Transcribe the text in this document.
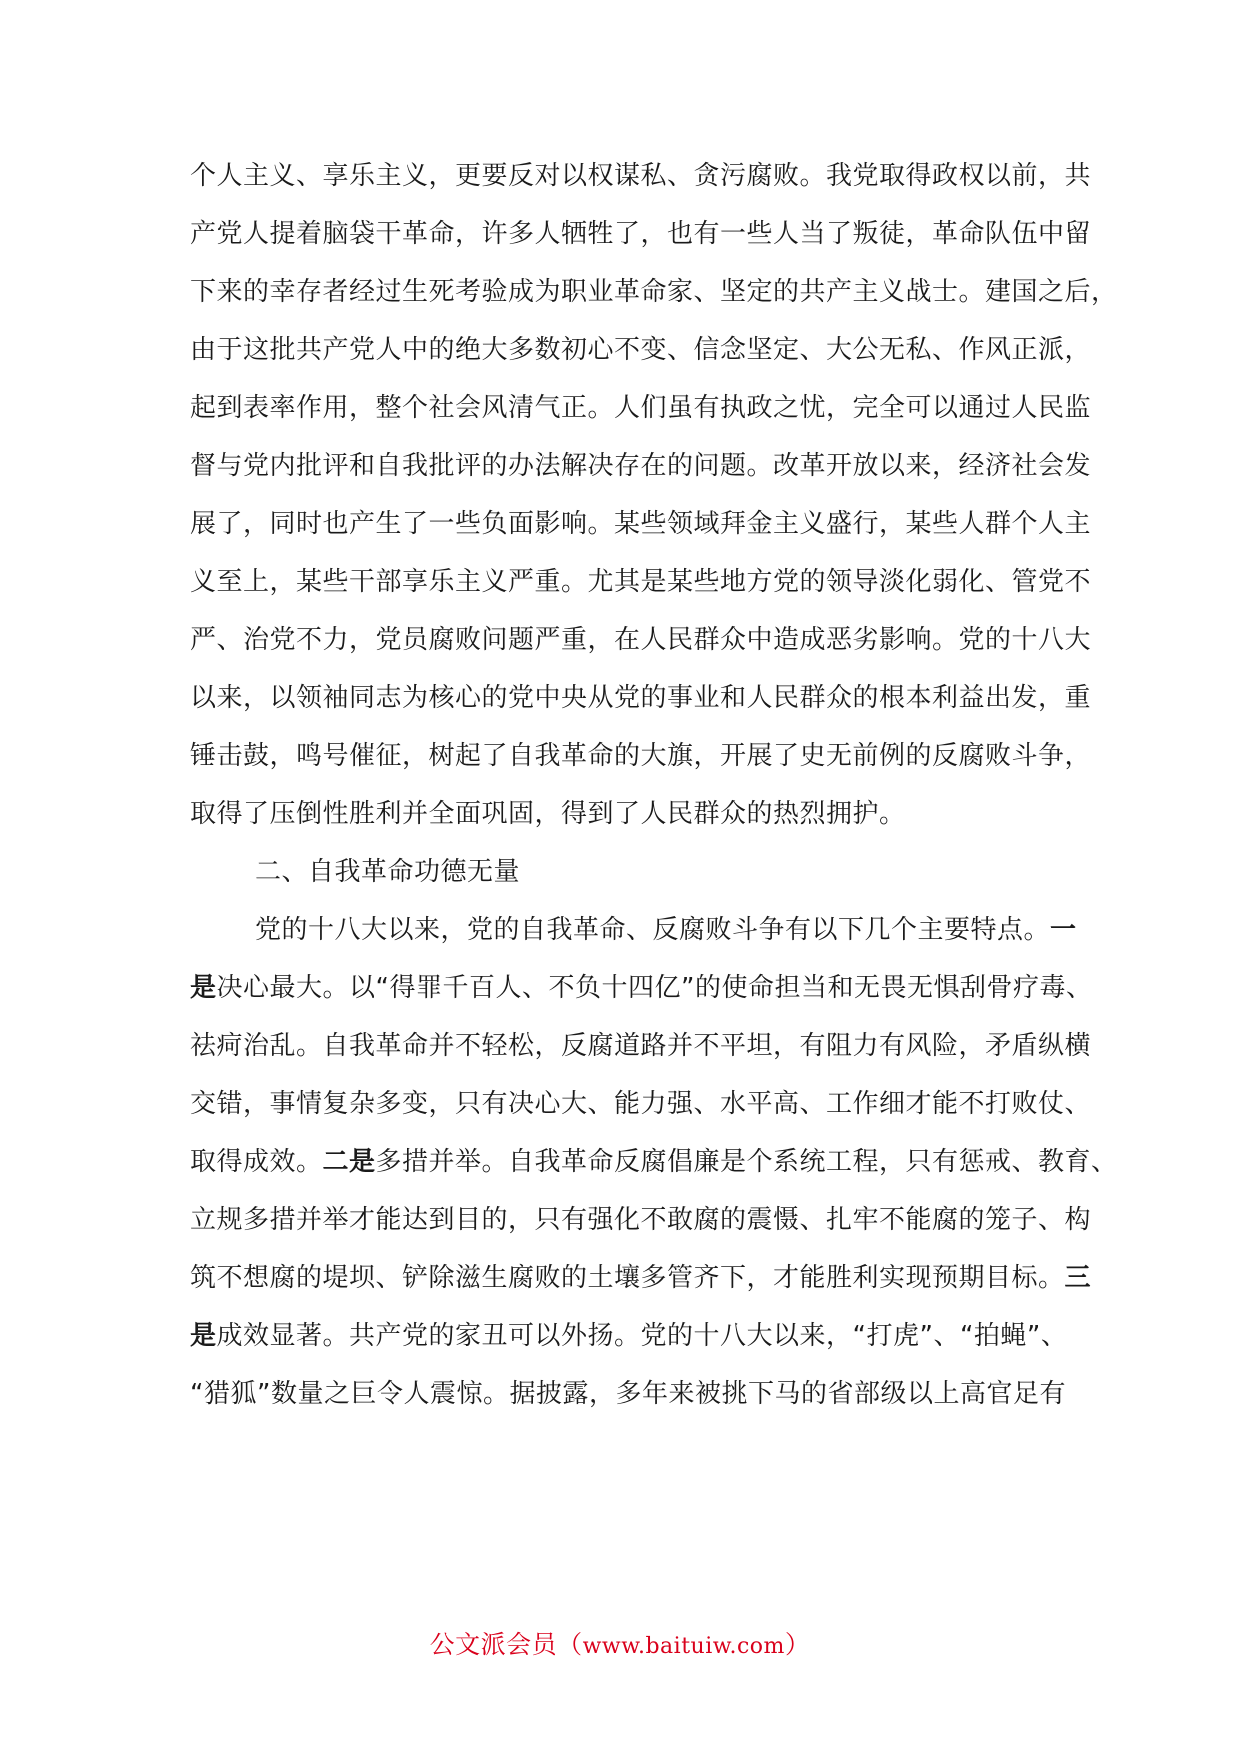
个人主义、享乐主义，更要反对以权谋私、贪污腐败。我党取得政权以前，共
产党人提着脑袋干革命，许多人牺牲了，也有一些人当了叛徒，革命队伍中留
下来的幸存者经过生死考验成为职业革命家、坚定的共产主义战士。建国之后，
由于这批共产党人中的绝大多数初心不变、信念坚定、大公无私、作风正派，
起到表率作用，整个社会风清气正。人们虽有执政之忧，完全可以通过人民监
督与党内批评和自我批评的办法解决存在的问题。改革开放以来，经济社会发
展了，同时也产生了一些负面影响。某些领域拜金主义盛行，某些人群个人主
义至上，某些干部享乐主义严重。尤其是某些地方党的领导淡化弱化、管党不
严、治党不力，党员腐败问题严重，在人民群众中造成恶劣影响。党的十八大
以来，以领袖同志为核心的党中央从党的事业和人民群众的根本利益出发，重
锤击鼓，鸣号催征，树起了自我革命的大旗，开展了史无前例的反腐败斗争，
取得了压倒性胜利并全面巩固，得到了人民群众的热烈拥护。
二、自我革命功德无量
党的十八大以来，党的自我革命、反腐败斗争有以下几个主要特点。一
是决心最大。以“得罪千百人、不负十四亿”的使命担当和无畏无惧刮骨疗毒、
祛疴治乱。自我革命并不轻松，反腐道路并不平坦，有阻力有风险，矛盾纵横
交错，事情复杂多变，只有决心大、能力强、水平高、工作细才能不打败仗、
取得成效。二是多措并举。自我革命反腐倡廉是个系统工程，只有惩戒、教育、
立规多措并举才能达到目的，只有强化不敢腐的震慑、扎牢不能腐的笼子、构
筑不想腐的堤坝、铲除滋生腐败的土壤多管齐下，才能胜利实现预期目标。三
是成效显著。共产党的家丑可以外扬。党的十八大以来，“打虎”、“拍蝇”、
“猎狐”数量之巨令人震惊。据披露，多年来被挑下马的省部级以上高官足有
公文派会员（www.baituiw.com）
